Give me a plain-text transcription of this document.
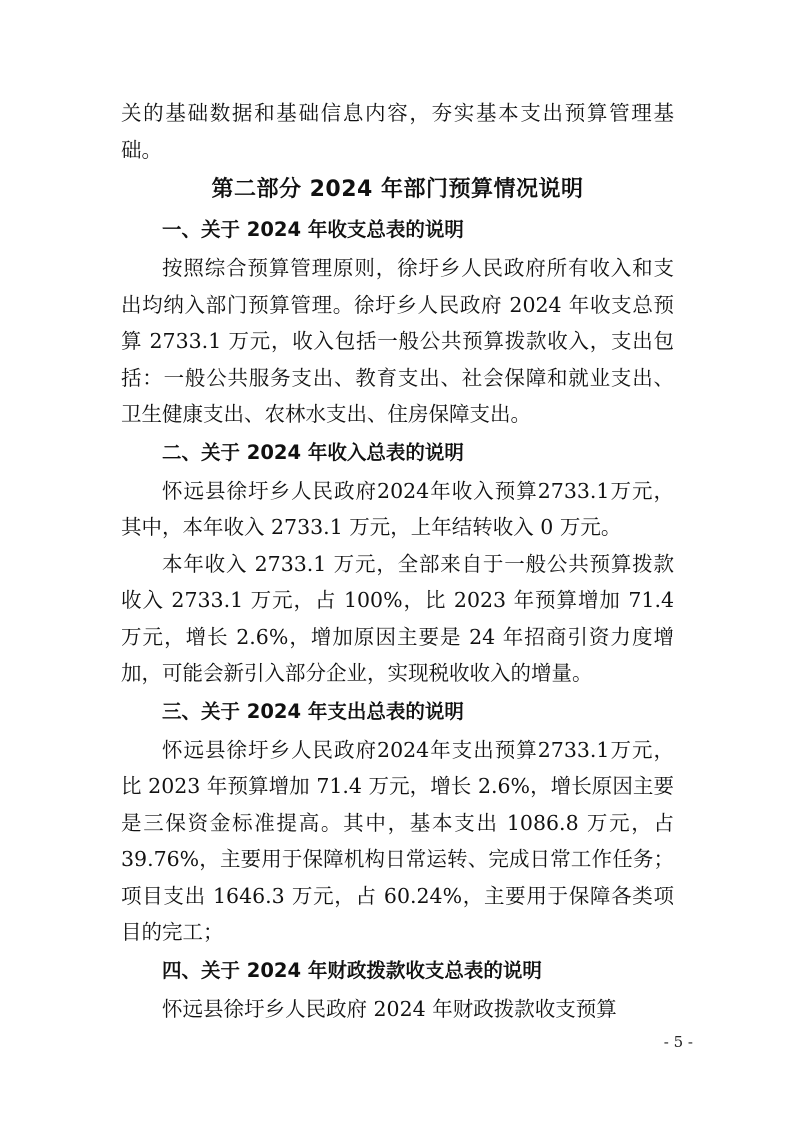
关的基础数据和基础信息内容，夯实基本支出预算管理基础。

第二部分 2024 年部门预算情况说明
一、关于 2024 年收支总表的说明

按照综合预算管理原则，徐圩乡人民政府所有收入和支出均纳入部门预算管理。徐圩乡人民政府 2024 年收支总预算 2733.1 万元，收入包括一般公共预算拨款收入，支出包括：一般公共服务支出、教育支出、社会保障和就业支出、卫生健康支出、农林水支出、住房保障支出。

二、关于 2024 年收入总表的说明

怀远县徐圩乡人民政府2024年收入预算2733.1万元，其中，本年收入 2733.1 万元，上年结转收入 0 万元。

本年收入 2733.1 万元，全部来自于一般公共预算拨款收入 2733.1 万元，占 100%，比 2023 年预算增加 71.4 万元，增长 2.6%，增加原因主要是 24 年招商引资力度增加，可能会新引入部分企业，实现税收收入的增量。

三、关于 2024 年支出总表的说明

怀远县徐圩乡人民政府2024年支出预算2733.1万元，比 2023 年预算增加 71.4 万元，增长 2.6%，增长原因主要是三保资金标准提高。其中，基本支出 1086.8 万元，占 39.76%，主要用于保障机构日常运转、完成日常工作任务；项目支出 1646.3 万元，占 60.24%，主要用于保障各类项目的完工；

四、关于 2024 年财政拨款收支总表的说明

怀远县徐圩乡人民政府 2024 年财政拨款收支预算

- 5 -
